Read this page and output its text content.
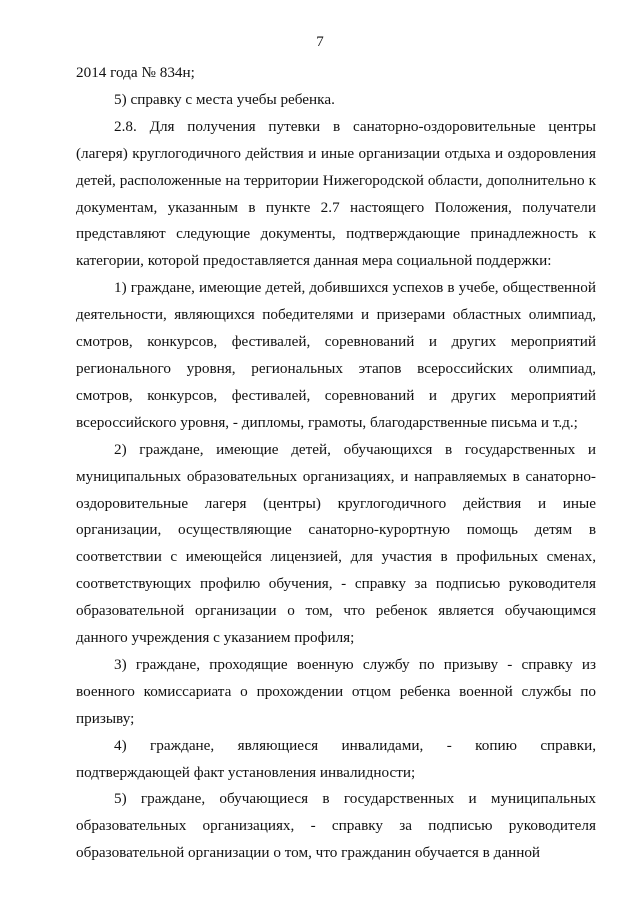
7

2014 года № 834н;

5) справку с места учебы ребенка.

2.8. Для получения путевки в санаторно-оздоровительные центры (лагеря) круглогодичного действия и иные организации отдыха и оздоровления детей, расположенные на территории Нижегородской области, дополнительно к документам, указанным в пункте 2.7 настоящего Положения, получатели представляют следующие документы, подтверждающие принадлежность к категории, которой предоставляется данная мера социальной поддержки:

1) граждане, имеющие детей, добившихся успехов в учебе, общественной деятельности, являющихся победителями и призерами областных олимпиад, смотров, конкурсов, фестивалей, соревнований и других мероприятий регионального уровня, региональных этапов всероссийских олимпиад, смотров, конкурсов, фестивалей, соревнований и других мероприятий всероссийского уровня, - дипломы, грамоты, благодарственные письма и т.д.;

2) граждане, имеющие детей, обучающихся в государственных и муниципальных образовательных организациях, и направляемых в санаторно-оздоровительные лагеря (центры) круглогодичного действия и иные организации, осуществляющие санаторно-курортную помощь детям в соответствии с имеющейся лицензией, для участия в профильных сменах, соответствующих профилю обучения, - справку за подписью руководителя образовательной организации о том, что ребенок является обучающимся данного учреждения с указанием профиля;

3) граждане, проходящие военную службу по призыву - справку из военного комиссариата о прохождении отцом ребенка военной службы по призыву;

4) граждане, являющиеся инвалидами, - копию справки, подтверждающей факт установления инвалидности;

5) граждане, обучающиеся в государственных и муниципальных образовательных организациях, - справку за подписью руководителя образовательной организации о том, что гражданин обучается в данной
